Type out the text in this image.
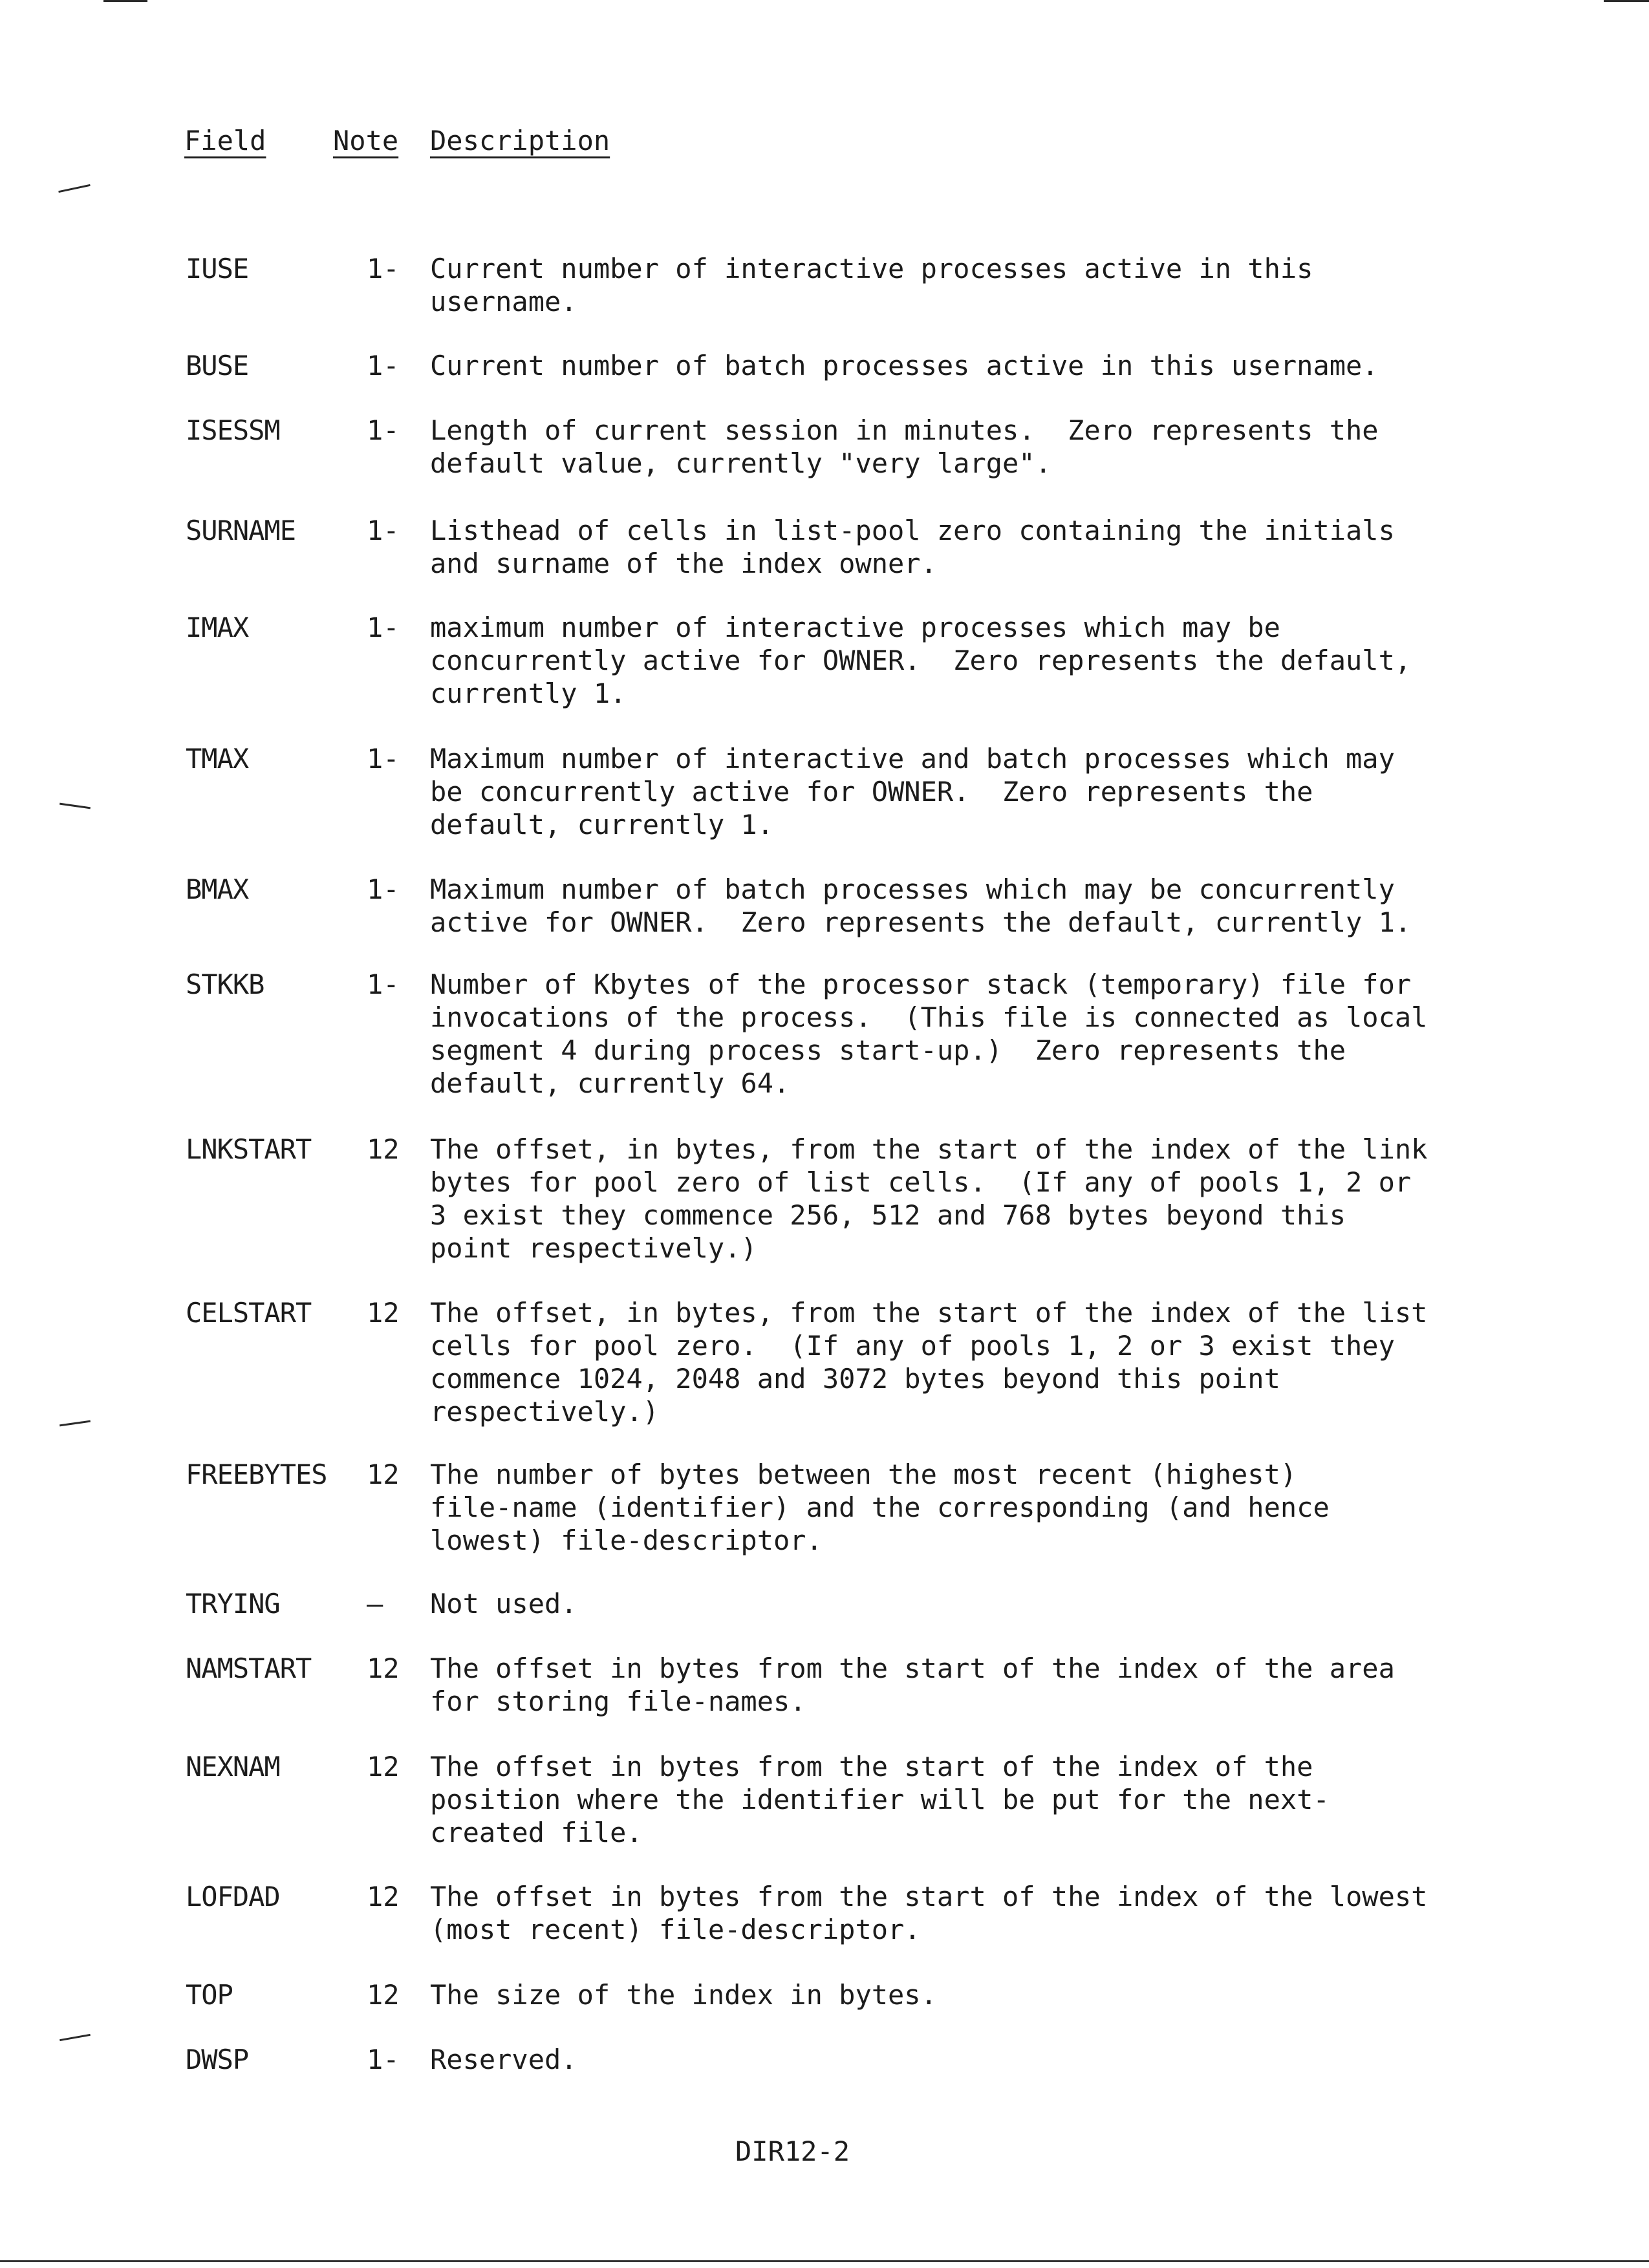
Field Note Description
IUSE	1- Current number of interactive processes active in this
username.
BUSE	1- Current number of batch processes active in this username.
ISESSM	1- Length of current session in minutes.  Zero represents the
default value, currently "very large".
SURNAME	1- Listhead of cells in list-pool zero containing the initials
and surname of the index owner.
IMAX	1- maximum number of interactive processes which may be
concurrently active for OWNER.  Zero represents the default,
currently 1.
TMAX	1- Maximum number of interactive and batch processes which may
be concurrently active for OWNER.  Zero represents the
default, currently 1.
BMAX	1- Maximum number of batch processes which may be concurrently
active for OWNER.  Zero represents the default, currently 1.
STKKB	1- Number of Kbytes of the processor stack (temporary) file for
invocations of the process.  (This file is connected as local
segment 4 during process start-up.)  Zero represents the
default, currently 64.
LNKSTART 12 The offset, in bytes, from the start of the index of the link
bytes for pool zero of list cells.  (If any of pools 1, 2 or
3 exist they commence 256, 512 and 768 bytes beyond this
point respectively.)
CELSTART 12 The offset, in bytes, from the start of the index of the list
cells for pool zero.  (If any of pools 1, 2 or 3 exist they
commence 1024, 2048 and 3072 bytes beyond this point
respectively.)
FREEBYTES 12 The number of bytes between the most recent (highest)
file-name (identifier) and the corresponding (and hence
lowest) file-descriptor.
TRYING	— Not used.
NAMSTART 12 The offset in bytes from the start of the index of the area
for storing file-names.
NEXNAM	12 The offset in bytes from the start of the index of the
position where the identifier will be put for the next-
created file.
LOFDAD	12 The offset in bytes from the start of the index of the lowest
(most recent) file-descriptor.
TOP	12 The size of the index in bytes.
DWSP	1- Reserved.
DIR12-2
